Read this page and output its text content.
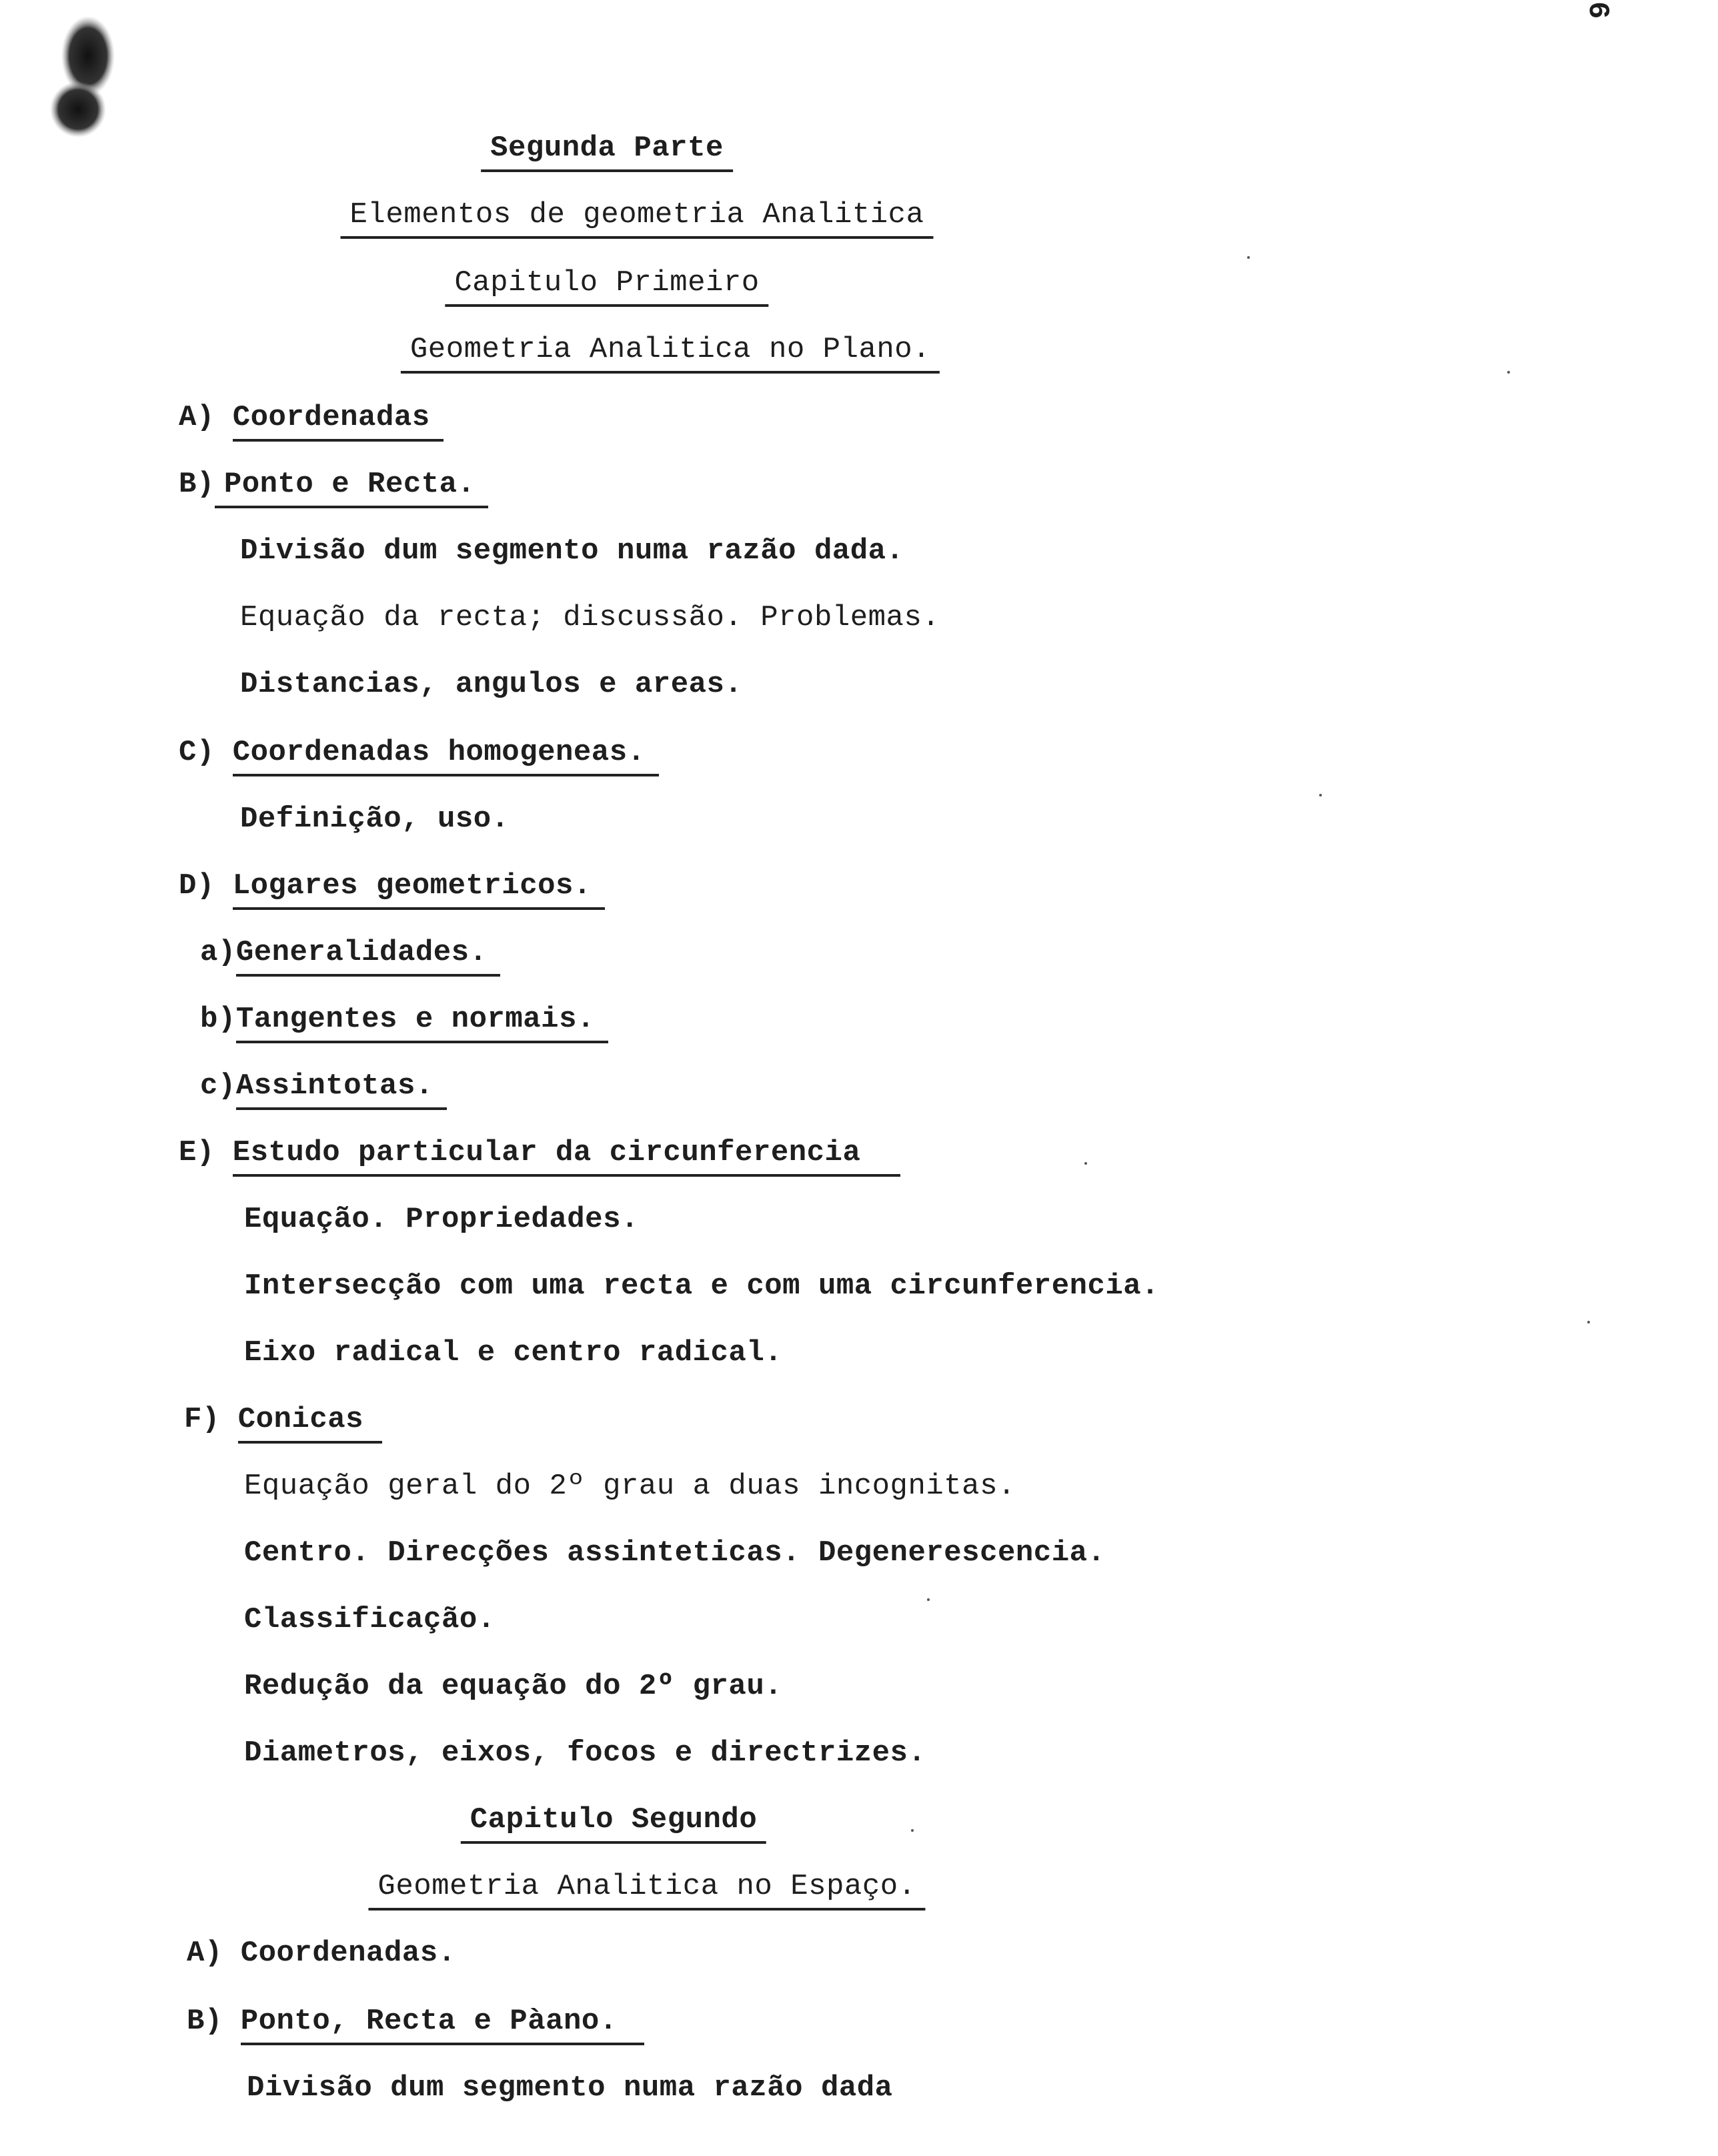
6
Segunda Parte
Elementos de geometria Analitica
Capitulo Primeiro
Geometria Analitica no Plano.
A) Coordenadas
B) Ponto e Recta.
Divisão dum segmento numa razão dada.
Equação da recta; discussão. Problemas.
Distancias, angulos e areas.
C) Coordenadas homogeneas.
Definição, uso.
D) Logares geometricos.
a)Generalidades.
b)Tangentes e normais.
c)Assintotas.
E) Estudo particular da circunferencia
Equação. Propriedades.
Intersecção com uma recta e com uma circunferencia.
Eixo radical e centro radical.
F) Conicas
Equação geral do 2º grau a duas incognitas.
Centro. Direcções assinteticas. Degenerescencia.
Classificação.
Redução da equação do 2º grau.
Diametros, eixos, focos e directrizes.
Capitulo Segundo
Geometria Analitica no Espaço.
A) Coordenadas.
B) Ponto, Recta e Pàano.
Divisão dum segmento numa razão dada
